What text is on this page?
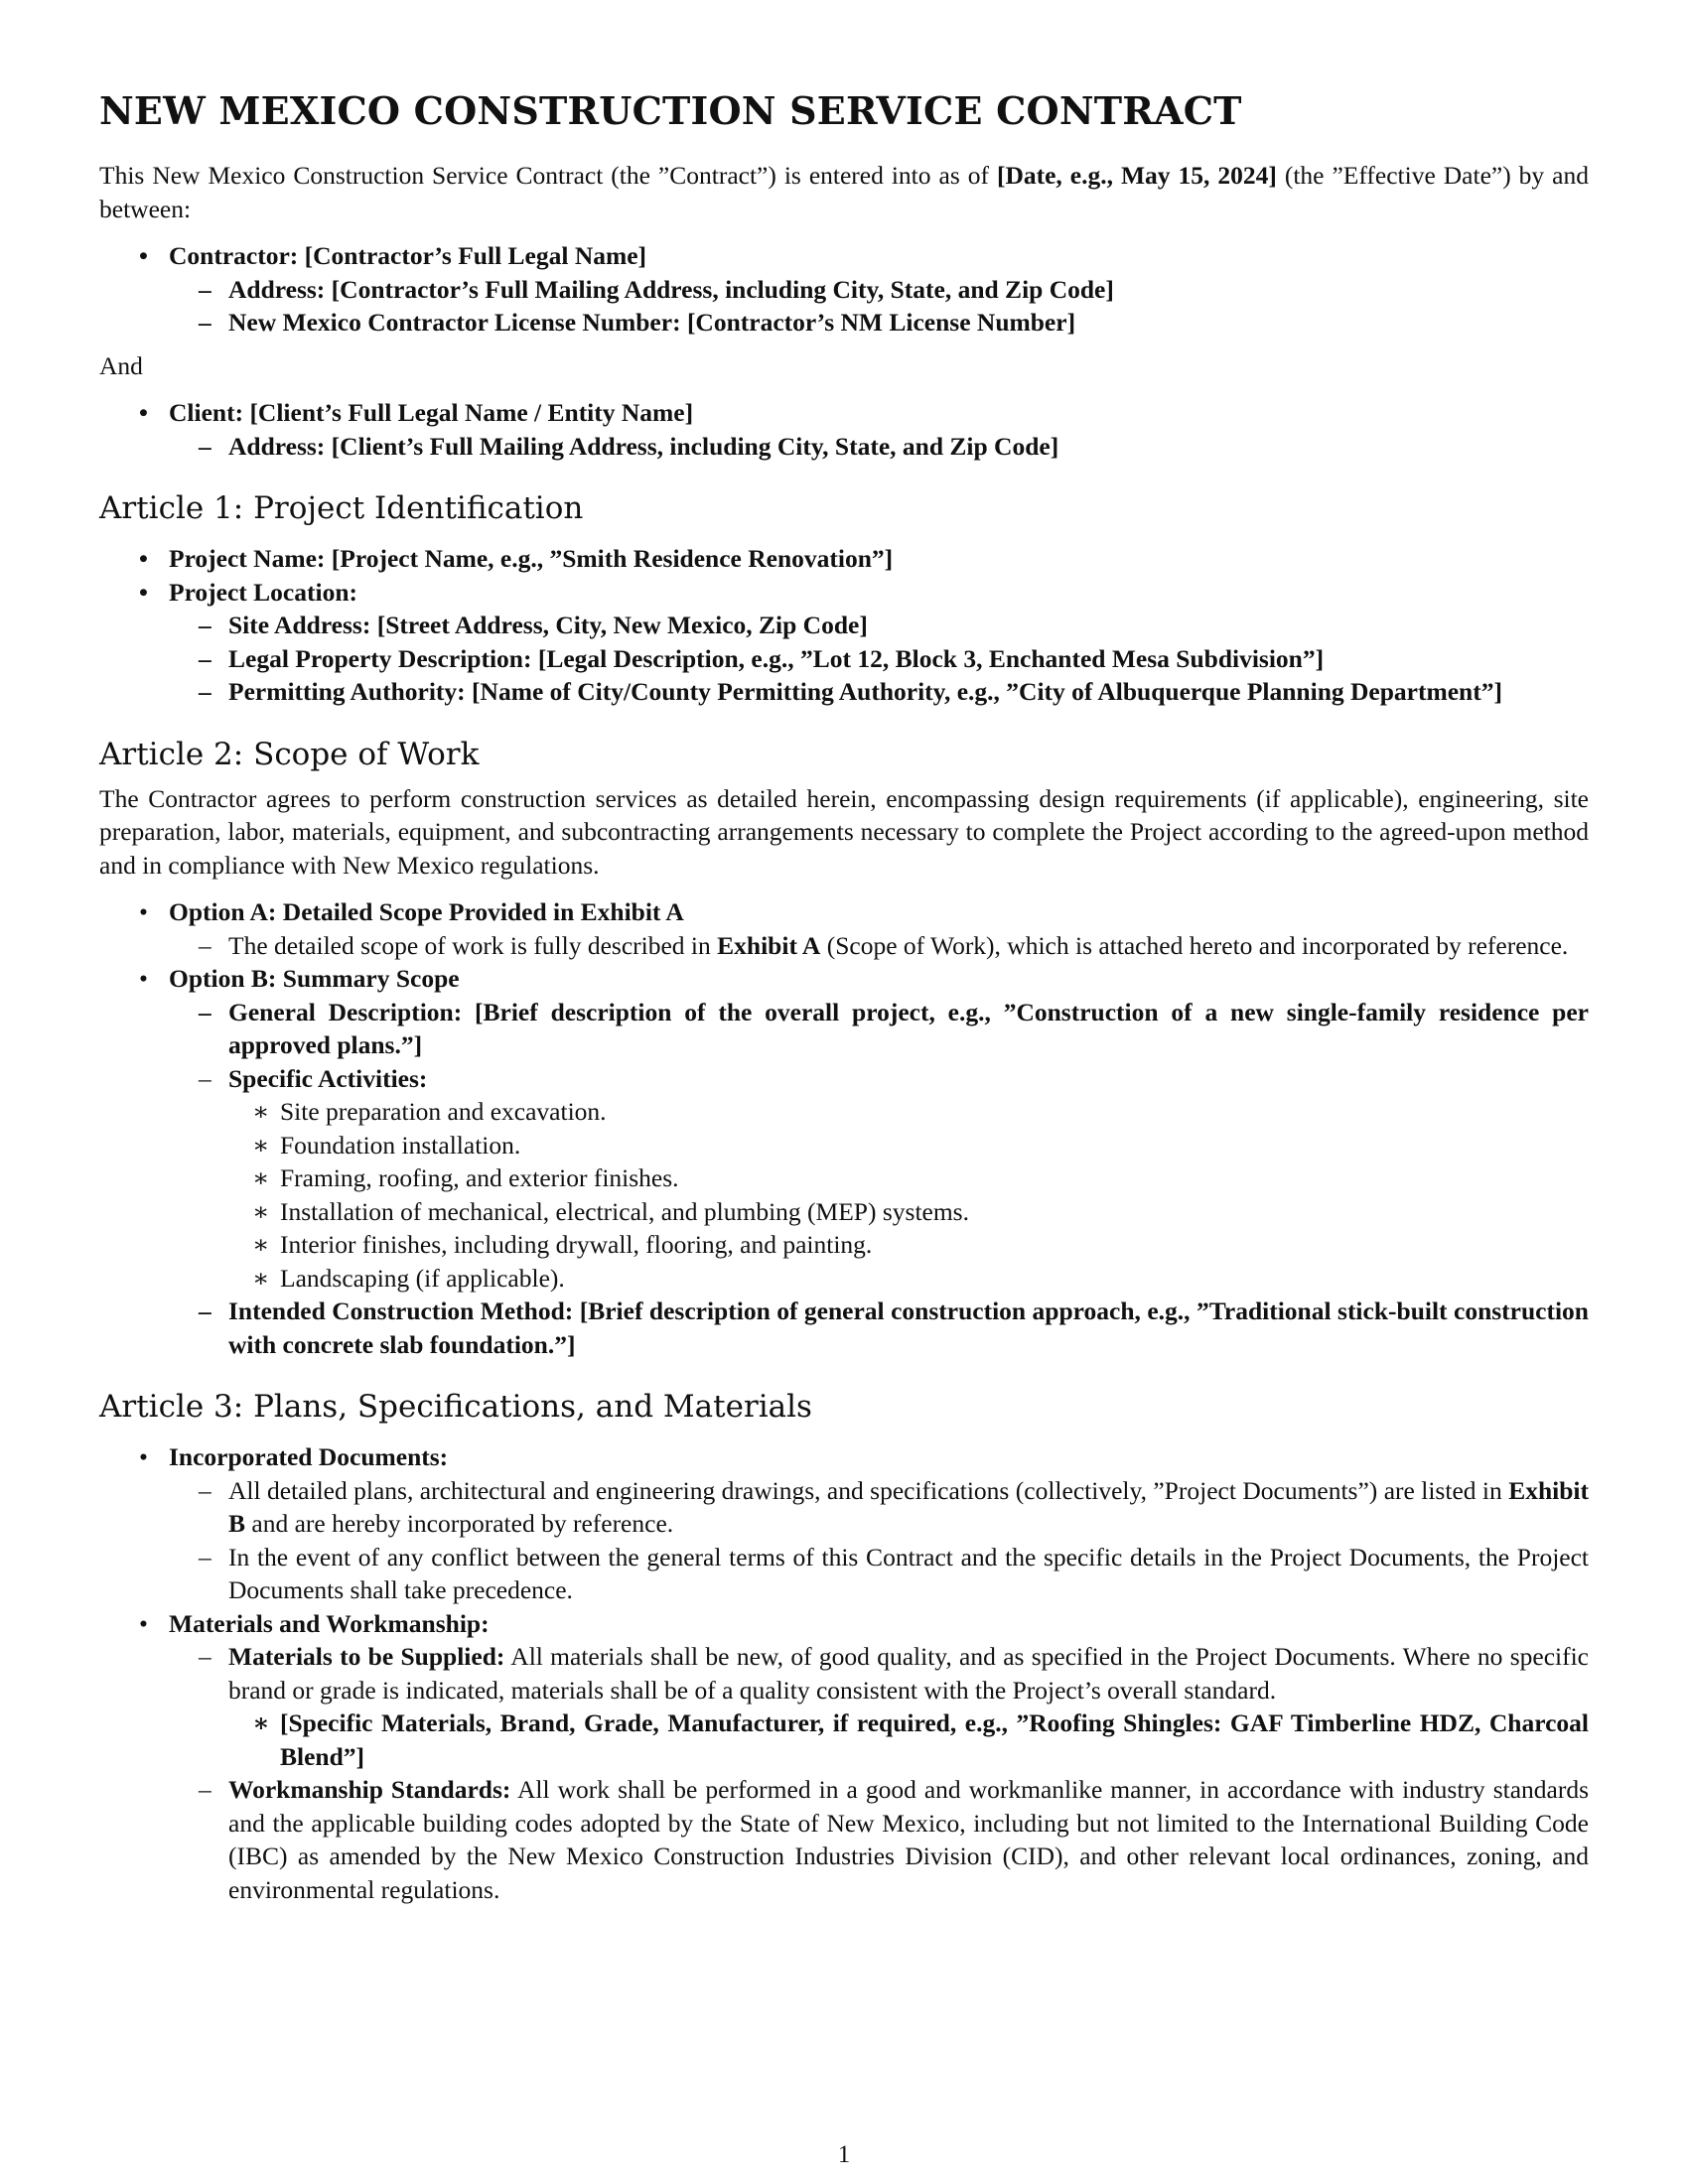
NEW MEXICO CONSTRUCTION SERVICE CONTRACT

This New Mexico Construction Service Contract (the ”Contract”) is entered into as of [Date, e.g., May 15, 2024] (the ”Effective Date”) by and between:

• Contractor: [Contractor’s Full Legal Name]
– Address: [Contractor’s Full Mailing Address, including City, State, and Zip Code]
– New Mexico Contractor License Number: [Contractor’s NM License Number]

And

• Client: [Client’s Full Legal Name / Entity Name]
– Address: [Client’s Full Mailing Address, including City, State, and Zip Code]
Article 1: Project Identification
• Project Name: [Project Name, e.g., ”Smith Residence Renovation”]
• Project Location:
– Site Address: [Street Address, City, New Mexico, Zip Code]
– Legal Property Description: [Legal Description, e.g., ”Lot 12, Block 3, Enchanted Mesa Subdivision”]
– Permitting Authority: [Name of City/County Permitting Authority, e.g., ”City of Albuquerque Planning Department”]
Article 2: Scope of Work

The Contractor agrees to perform construction services as detailed herein, encompassing design requirements (if applicable), engineering, site preparation, labor, materials, equipment, and subcontracting arrangements necessary to complete the Project according to the agreed-upon method and in compliance with New Mexico regulations.

• Option A: Detailed Scope Provided in Exhibit A
– The detailed scope of work is fully described in Exhibit A (Scope of Work), which is attached hereto and incorporated by reference.
• Option B: Summary Scope
– General Description: [Brief description of the overall project, e.g., ”Construction of a new single-family residence per approved plans.”]
– Specific Activities:
∗ Site preparation and excavation.
∗ Foundation installation.
∗ Framing, roofing, and exterior finishes.
∗ Installation of mechanical, electrical, and plumbing (MEP) systems.
∗ Interior finishes, including drywall, flooring, and painting.
∗ Landscaping (if applicable).
– Intended Construction Method: [Brief description of general construction approach, e.g., ”Traditional stick-built construction with concrete slab foundation.”]
Article 3: Plans, Specifications, and Materials
• Incorporated Documents:
– All detailed plans, architectural and engineering drawings, and specifications (collectively, ”Project Documents”) are listed in Exhibit B and are hereby incorporated by reference.
– In the event of any conflict between the general terms of this Contract and the specific details in the Project Documents, the Project Documents shall take precedence.
• Materials and Workmanship:
– Materials to be Supplied: All materials shall be new, of good quality, and as specified in the Project Documents. Where no specific brand or grade is indicated, materials shall be of a quality consistent with the Project’s overall standard.
∗ [Specific Materials, Brand, Grade, Manufacturer, if required, e.g., ”Roofing Shingles: GAF Timberline HDZ, Charcoal Blend”]
– Workmanship Standards: All work shall be performed in a good and workmanlike manner, in accordance with industry standards and the applicable building codes adopted by the State of New Mexico, including but not limited to the International Building Code (IBC) as amended by the New Mexico Construction Industries Division (CID), and other relevant local ordinances, zoning, and environmental regulations.
1
